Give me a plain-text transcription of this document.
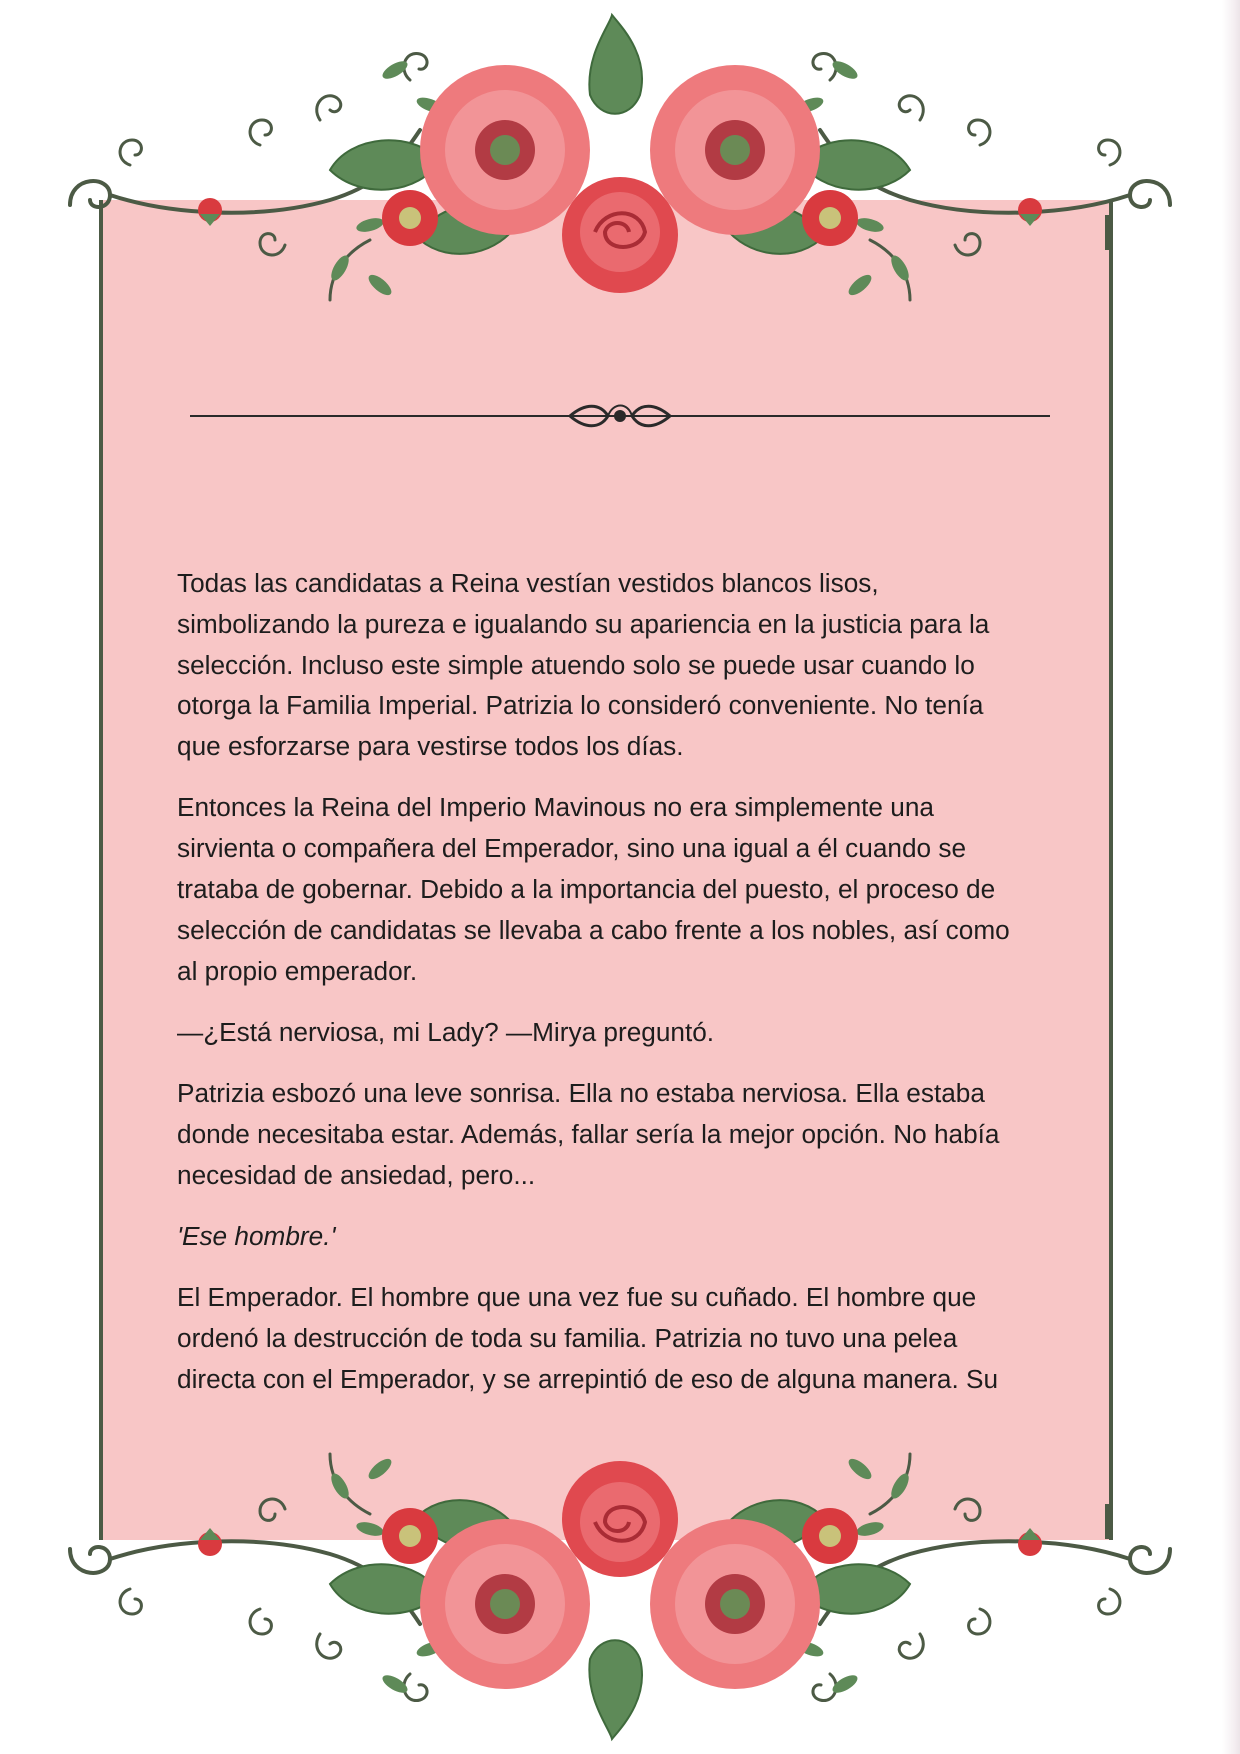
Todas las candidatas a Reina vestían vestidos blancos lisos,
simbolizando la pureza e igualando su apariencia en la justicia para la
selección. Incluso este simple atuendo solo se puede usar cuando lo
otorga la Familia Imperial. Patrizia lo consideró conveniente. No tenía
que esforzarse para vestirse todos los días.

Entonces la Reina del Imperio Mavinous no era simplemente una
sirvienta o compañera del Emperador, sino una igual a él cuando se
trataba de gobernar. Debido a la importancia del puesto, el proceso de
selección de candidatas se llevaba a cabo frente a los nobles, así como
al propio emperador.

—¿Está nerviosa, mi Lady? —Mirya preguntó.

Patrizia esbozó una leve sonrisa. Ella no estaba nerviosa. Ella estaba
donde necesitaba estar. Además, fallar sería la mejor opción. No había
necesidad de ansiedad, pero...

'Ese hombre.'

El Emperador. El hombre que una vez fue su cuñado. El hombre que
ordenó la destrucción de toda su familia. Patrizia no tuvo una pelea
directa con el Emperador, y se arrepintió de eso de alguna manera. Su
